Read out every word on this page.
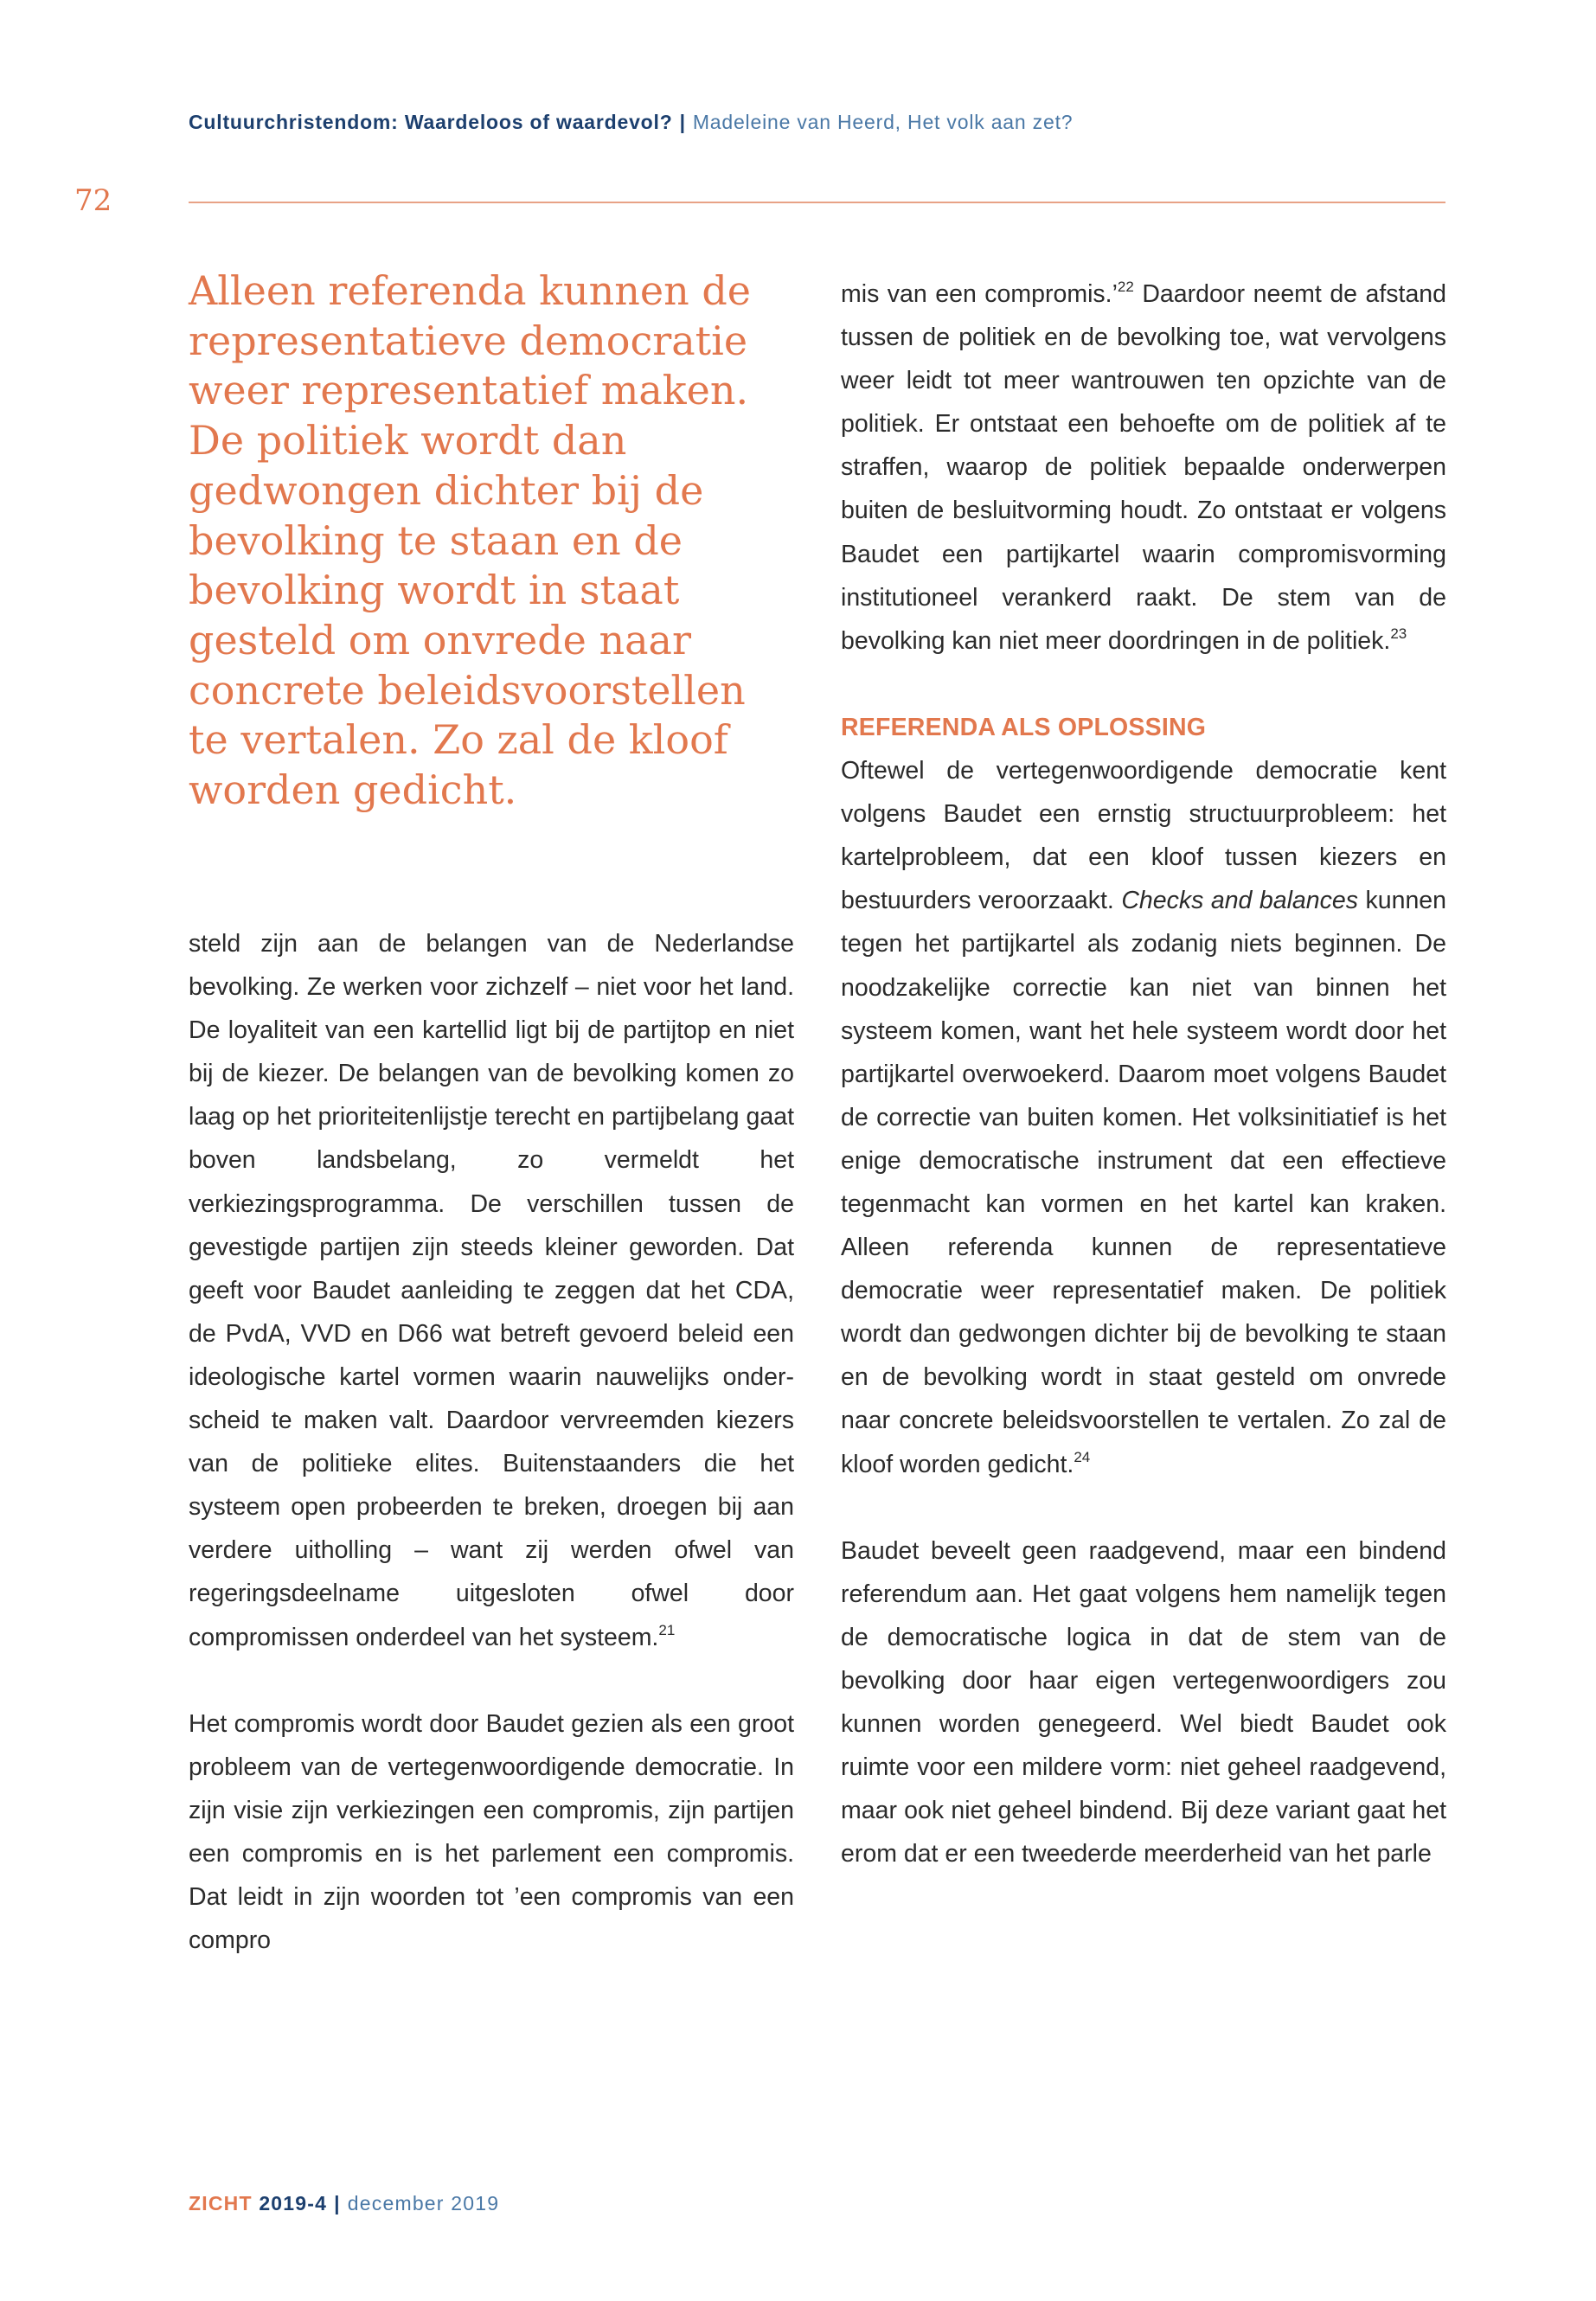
Cultuurchristendom: Waardeloos of waardevol? | Madeleine van Heerd, Het volk aan zet?
72
Alleen referenda kunnen de
representatieve democratie
weer representatief maken.
De politiek wordt dan
gedwongen dichter bij de
bevolking te staan en de
bevolking wordt in staat
gesteld om onvrede naar
concrete beleidsvoorstellen
te vertalen. Zo zal de kloof
worden gedicht.

steld zijn aan de belangen van de Nederlandse bevolking. Ze werken voor zichzelf – niet voor het land. De loyaliteit van een kartellid ligt bij de partijtop en niet bij de kiezer. De belangen van de bevolking komen zo laag op het prioriteitenlijstje terecht en partijbelang gaat boven landsbelang, zo vermeldt het verkiezingsprogramma. De verschillen tussen de gevestigde partijen zijn steeds kleiner geworden. Dat geeft voor Baudet aanleiding te zeggen dat het CDA, de PvdA, VVD en D66 wat betreft gevoerd beleid een ideologische kartel vormen waarin nauwelijks onderscheid te maken valt. Daardoor vervreemden kiezers van de politieke elites. Buitenstaanders die het systeem open probeerden te breken, droegen bij aan verdere uitholling – want zij werden ofwel van regeringsdeelname uitgesloten ofwel door compromissen onderdeel van het systeem.$^{21}$

Het compromis wordt door Baudet gezien als een groot probleem van de vertegenwoordigende democratie. In zijn visie zijn verkiezingen een compromis, zijn partijen een compromis en is het parlement een compromis. Dat leidt in zijn woorden tot ’een compromis van een compro

mis van een compromis.’$^{22}$ Daardoor neemt de afstand tussen de politiek en de bevolking toe, wat vervolgens weer leidt tot meer wantrouwen ten opzichte van de politiek. Er ontstaat een behoefte om de politiek af te straffen, waarop de politiek bepaalde onderwerpen buiten de besluitvorming houdt. Zo ontstaat er volgens Baudet een partijkartel waarin compromisvorming institutioneel verankerd raakt. De stem van de bevolking kan niet meer doordringen in de politiek.$^{23}$

REFERENDA ALS OPLOSSING

Oftewel de vertegenwoordigende democratie kent volgens Baudet een ernstig structuurprobleem: het kartelprobleem, dat een kloof tussen kiezers en bestuurders veroorzaakt. Checks and balances kunnen tegen het partijkartel als zodanig niets beginnen. De noodzakelijke correctie kan niet van binnen het systeem komen, want het hele systeem wordt door het partijkartel overwoekerd. Daarom moet volgens Baudet de correctie van buiten komen. Het volksinitiatief is het enige democratische instrument dat een effectieve tegenmacht kan vormen en het kartel kan kraken. Alleen referenda kunnen de representatieve democratie weer representatief maken. De politiek wordt dan gedwongen dichter bij de bevolking te staan en de bevolking wordt in staat gesteld om onvrede naar concrete beleidsvoorstellen te vertalen. Zo zal de kloof worden gedicht.$^{24}$

Baudet beveelt geen raadgevend, maar een bindend referendum aan. Het gaat volgens hem namelijk tegen de democratische logica in dat de stem van de bevolking door haar eigen vertegenwoordigers zou kunnen worden genegeerd. Wel biedt Baudet ook ruimte voor een mildere vorm: niet geheel raadgevend, maar ook niet geheel bindend. Bij deze variant gaat het erom dat er een tweederde meerderheid van het parle

ZICHT 2019-4 | december 2019
